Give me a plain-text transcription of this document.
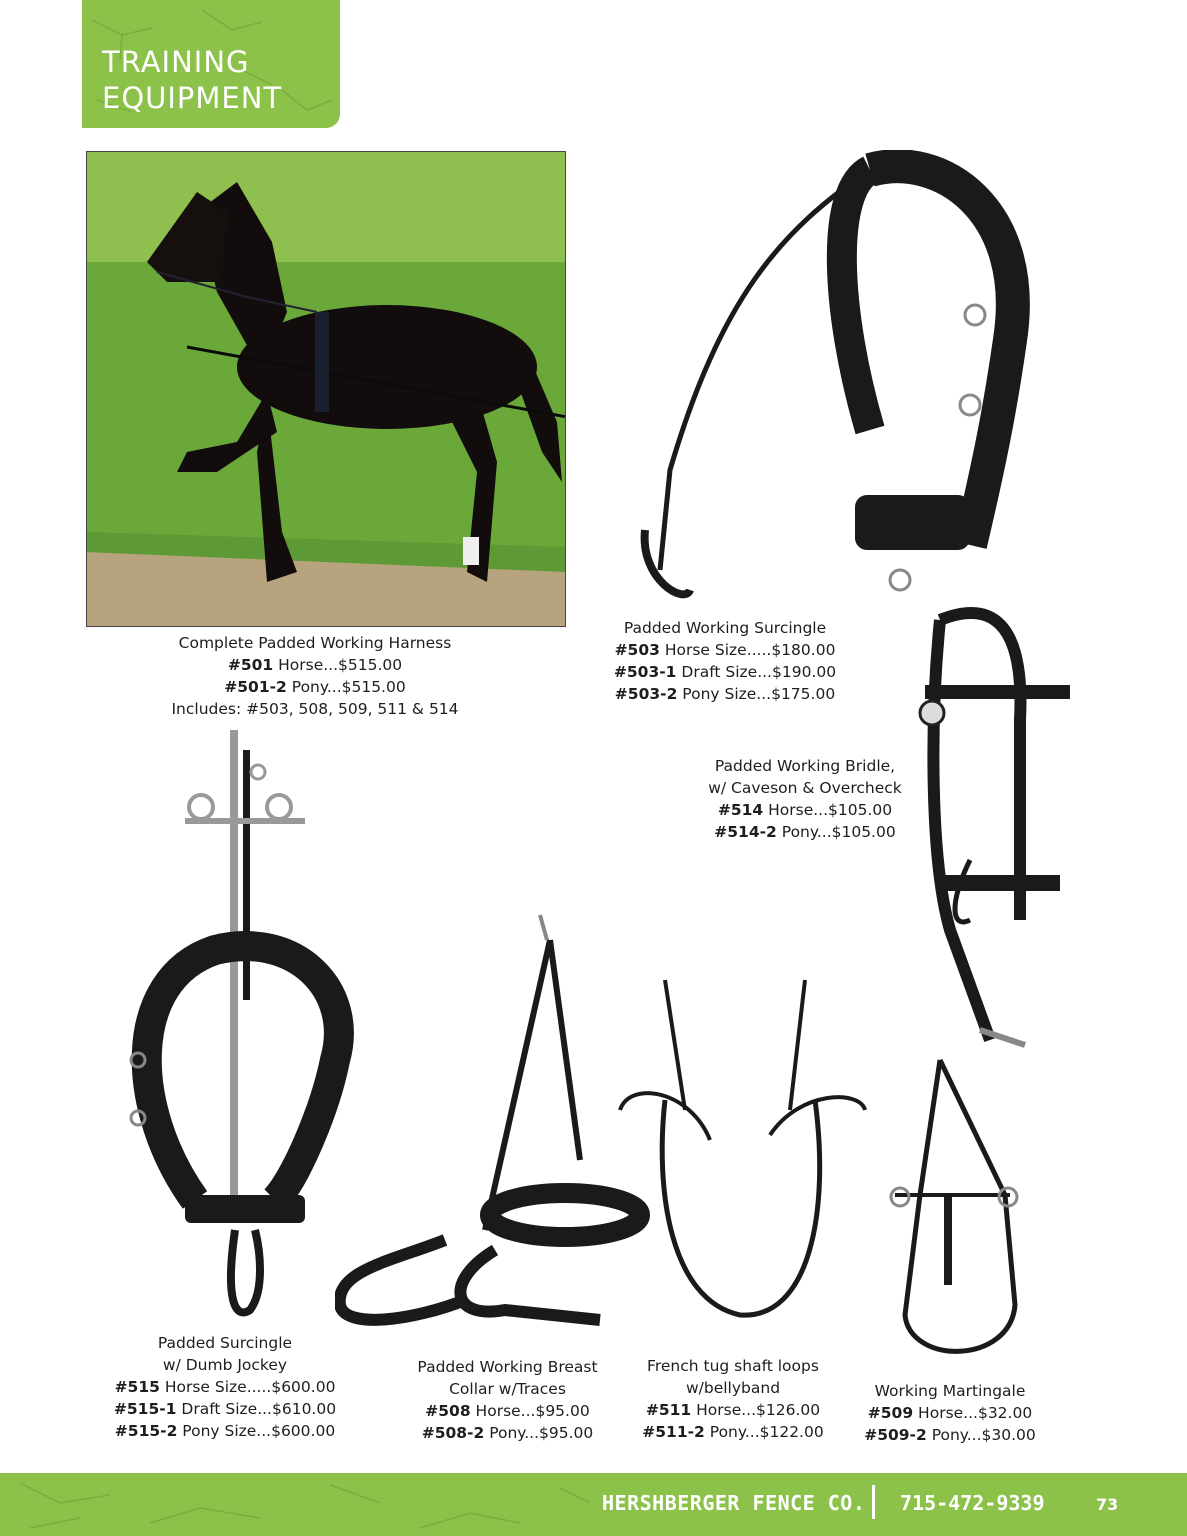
TRAINING
EQUIPMENT
Complete Padded Working Harness
#501 Horse...$515.00
#501-2 Pony...$515.00
Includes: #503, 508, 509, 511 & 514
Padded Working Surcingle
#503 Horse Size.....$180.00
#503-1 Draft Size...$190.00
#503-2 Pony Size...$175.00
Padded Working Bridle,
w/ Caveson & Overcheck
#514 Horse...$105.00
#514-2 Pony...$105.00
Padded Surcingle
w/ Dumb Jockey
#515 Horse Size.....$600.00
#515-1 Draft Size...$610.00
#515-2 Pony Size...$600.00
Padded Working Breast
Collar w/Traces
#508 Horse...$95.00
#508-2 Pony...$95.00
French tug shaft loops
w/bellyband
#511 Horse...$126.00
#511-2 Pony...$122.00
Working Martingale
#509 Horse...$32.00
#509-2 Pony...$30.00
HERSHBERGER FENCE CO. 715-472-9339	73
